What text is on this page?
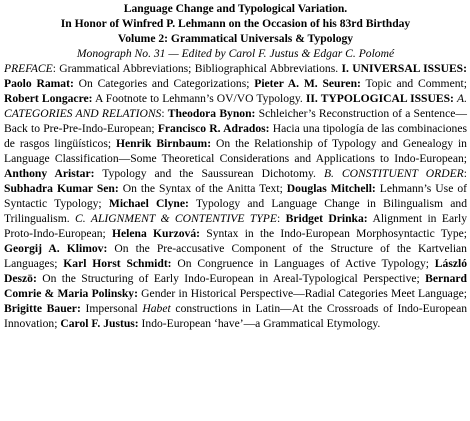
Language Change and Typological Variation.

In Honor of Winfred P. Lehmann on the Occasion of his 83rd Birthday

Volume 2: Grammatical Universals & Typology

Monograph No. 31 — Edited by Carol F. Justus & Edgar C. Polomé

PREFACE: Grammatical Abbreviations; Bibliographical Abbreviations. I. UNIVERSAL ISSUES: Paolo Ramat: On Categories and Categorizations; Pieter A. M. Seuren: Topic and Comment; Robert Longacre: A Footnote to Lehmann’s OV/VO Typology. II. TYPOLOGICAL ISSUES: A. CATEGORIES AND RELATIONS: Theodora Bynon: Schleicher’s Reconstruction of a Sentence—Back to Pre-Pre-Indo-European; Francisco R. Adrados: Hacia una tipología de las combinaciones de rasgos lingüísticos; Henrik Birnbaum: On the Relationship of Typology and Genealogy in Language Classification—Some Theoretical Considerations and Applications to Indo-European; Anthony Aristar: Typology and the Saussurean Dichotomy. B. CONSTITUENT ORDER: Subhadra Kumar Sen: On the Syntax of the Anitta Text; Douglas Mitchell: Lehmann’s Use of Syntactic Typology; Michael Clyne: Typology and Language Change in Bilingualism and Trilingualism. C. ALIGNMENT & CONTENTIVE TYPE: Bridget Drinka: Alignment in Early Proto-Indo-European; Helena Kurzová: Syntax in the Indo-European Morphosyntactic Type; Georgij A. Klimov: On the Pre-accusative Component of the Structure of the Kartvelian Languages; Karl Horst Schmidt: On Congruence in Languages of Active Typology; László Deszö: On the Structuring of Early Indo-European in Areal-Typological Perspective; Bernard Comrie & Maria Polinsky: Gender in Historical Perspective—Radial Categories Meet Language; Brigitte Bauer: Impersonal Habet constructions in Latin—At the Crossroads of Indo-European Innovation; Carol F. Justus: Indo-European ‘have’—a Grammatical Etymology.
